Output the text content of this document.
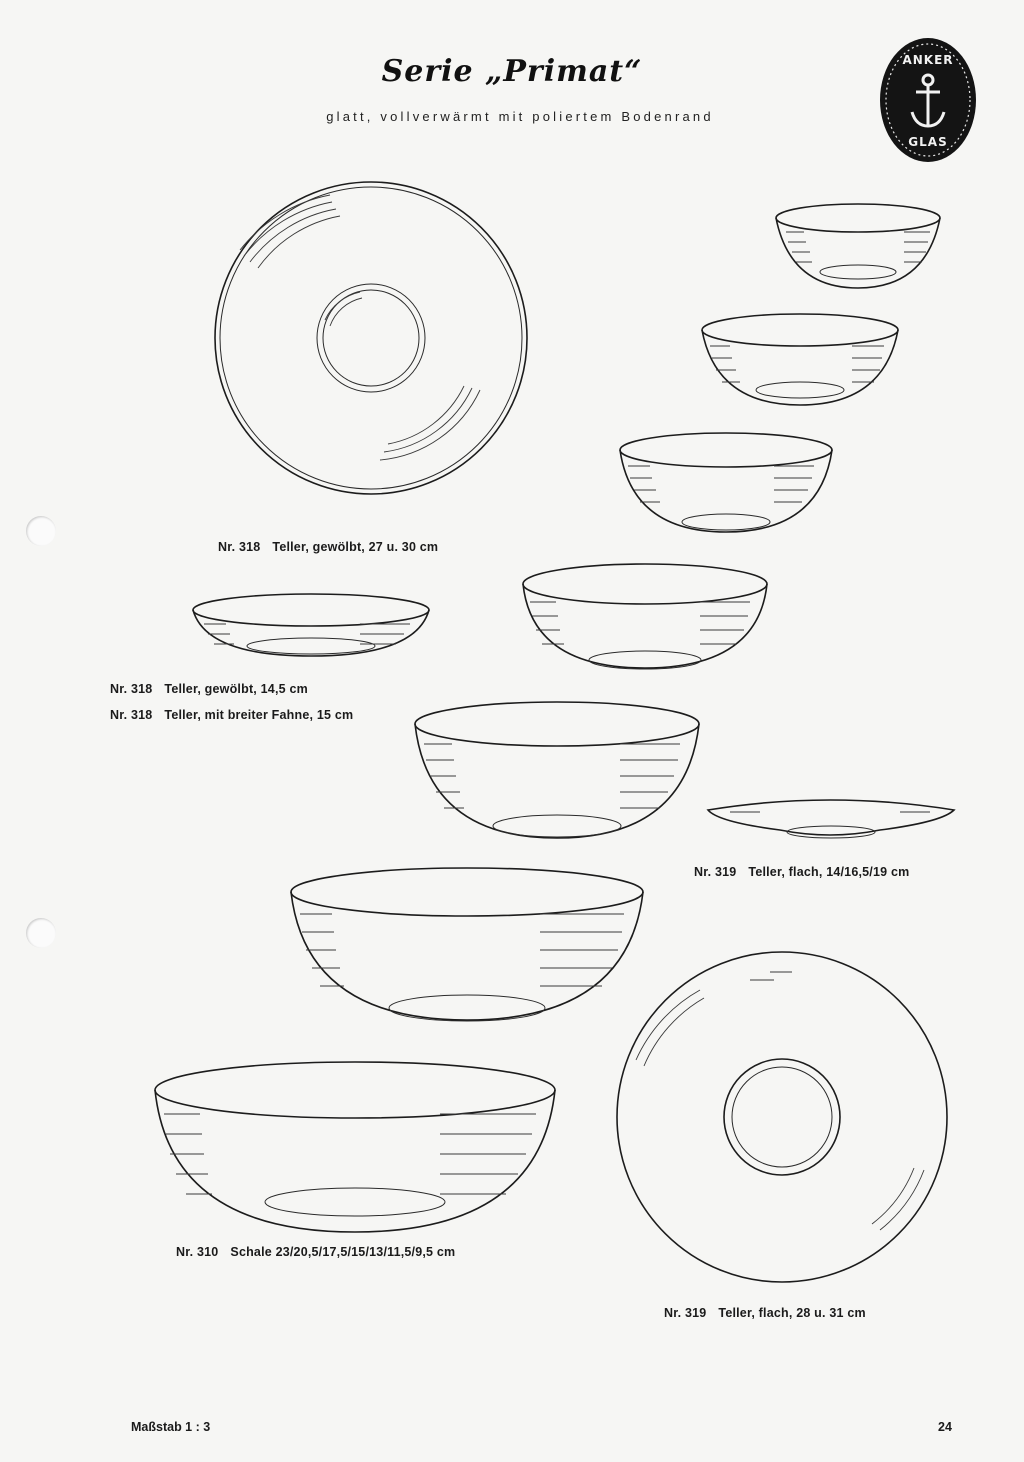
Serie „Primat“
glatt, vollverwärmt mit poliertem Bodenrand
ANKER
GLAS
Nr. 318 Teller, gewölbt, 27 u. 30 cm
Nr. 318 Teller, gewölbt, 14,5 cm
Nr. 318 Teller, mit breiter Fahne, 15 cm
Nr. 319 Teller, flach, 14/16,5/19 cm
Nr. 310 Schale 23/20,5/17,5/15/13/11,5/9,5 cm
Nr. 319 Teller, flach, 28 u. 31 cm
Maßstab 1 : 3	24
